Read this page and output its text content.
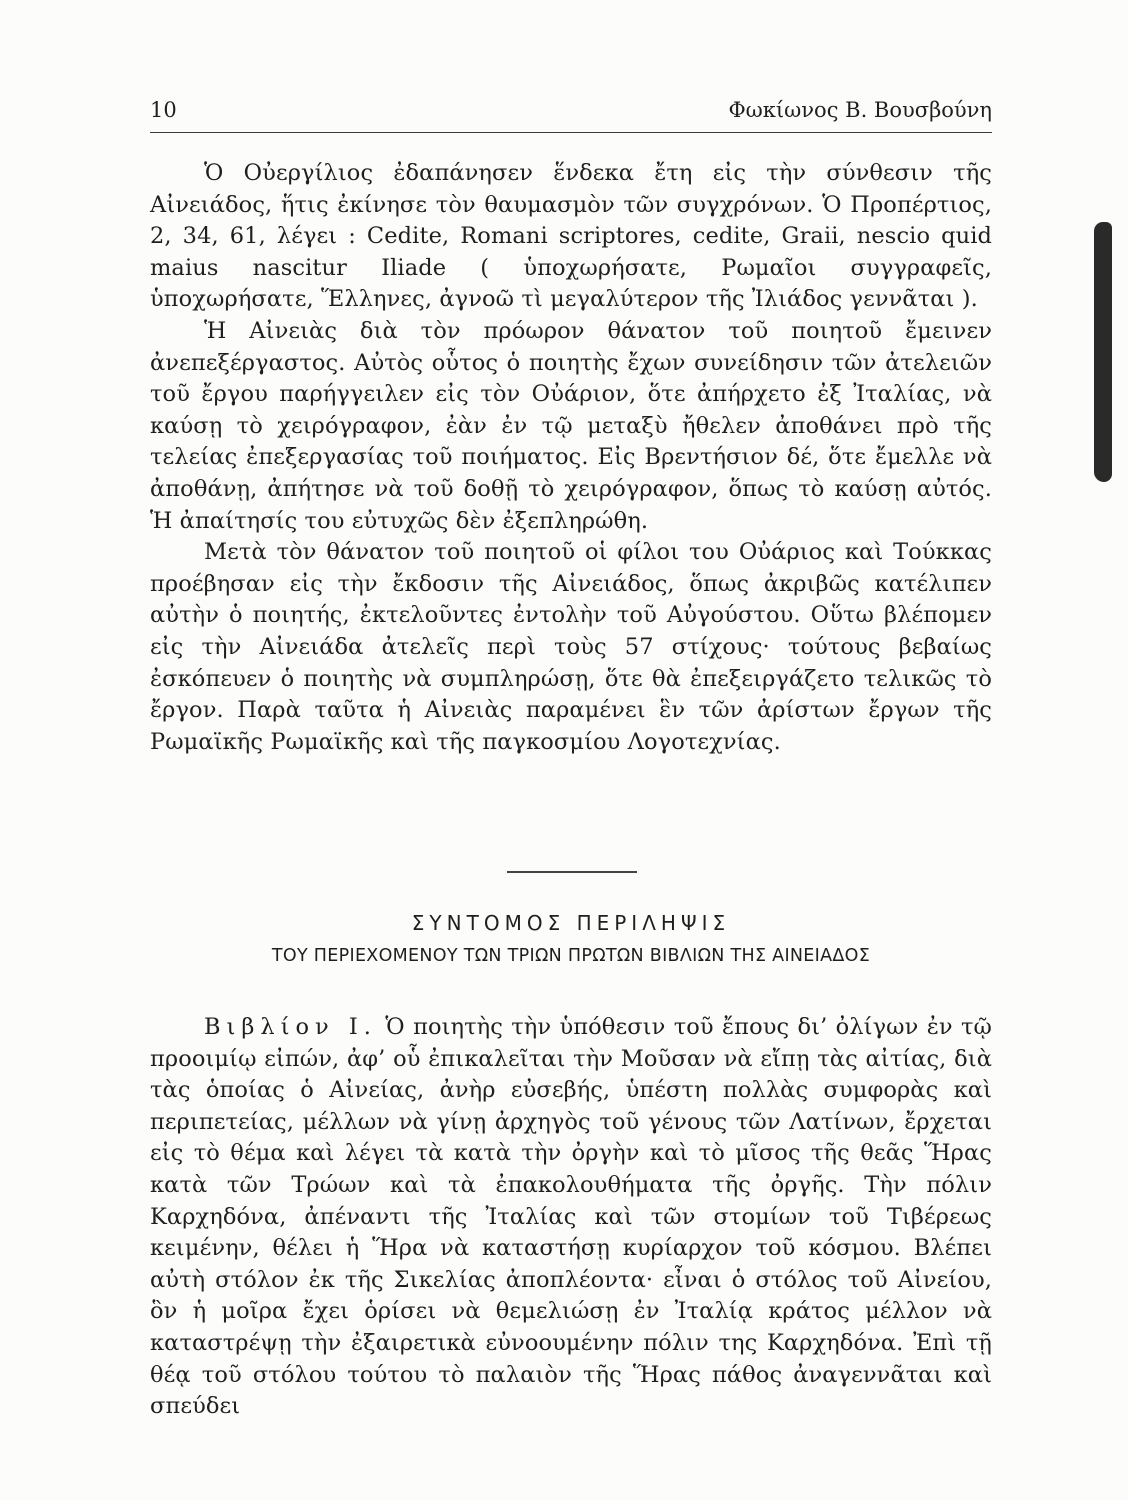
10	Φωκίωνος Β. Βουσβούνη

Ὁ Οὐεργίλιος ἐδαπάνησεν ἕνδεκα ἔτη εἰς τὴν σύνθεσιν τῆς Αἰνειάδος, ἥτις ἐκίνησε τὸν θαυμασμὸν τῶν συγχρόνων. Ὁ Προπέρτιος, 2, 34, 61, λέγει : Cedite, Romani scriptores, cedite, Graii, nescio quid maius nascitur Iliade ( ὑποχωρήσατε, Ρωμαῖοι συγγραφεῖς, ὑποχωρήσατε, Ἕλληνες, ἀγνοῶ τὶ μεγαλύτερον τῆς Ἰλιάδος γεννᾶται ).

Ἡ Αἰνειὰς διὰ τὸν πρόωρον θάνατον τοῦ ποιητοῦ ἔμεινεν ἀνεπεξέργαστος. Αὐτὸς οὗτος ὁ ποιητὴς ἔχων συνείδησιν τῶν ἀτελειῶν τοῦ ἔργου παρήγγειλεν εἰς τὸν Οὐάριον, ὅτε ἀπήρχετο ἐξ Ἰταλίας, νὰ καύσῃ τὸ χειρόγραφον, ἐὰν ἐν τῷ μεταξὺ ἤθελεν ἀποθάνει πρὸ τῆς τελείας ἐπεξεργασίας τοῦ ποιήματος. Εἰς Βρεντήσιον δέ, ὅτε ἔμελλε νὰ ἀποθάνῃ, ἀπήτησε νὰ τοῦ δοθῇ τὸ χειρόγραφον, ὅπως τὸ καύσῃ αὐτός. Ἡ ἀπαίτησίς του εὐτυχῶς δὲν ἐξεπληρώθη.

Μετὰ τὸν θάνατον τοῦ ποιητοῦ οἱ φίλοι του Οὐάριος καὶ Τούκκας προέβησαν εἰς τὴν ἔκδοσιν τῆς Αἰνειάδος, ὅπως ἀκριβῶς κατέλιπεν αὐτὴν ὁ ποιητής, ἐκτελοῦντες ἐντολὴν τοῦ Αὐγούστου. Οὕτω βλέπομεν εἰς τὴν Αἰνειάδα ἀτελεῖς περὶ τοὺς 57 στίχους· τούτους βεβαίως ἐσκόπευεν ὁ ποιητὴς νὰ συμπληρώσῃ, ὅτε θὰ ἐπεξειργάζετο τελικῶς τὸ ἔργον. Παρὰ ταῦτα ἡ Αἰνειὰς παραμένει ἓν τῶν ἀρίστων ἔργων τῆς Ρωμαϊκῆς Ρωμαϊκῆς καὶ τῆς παγκοσμίου Λογοτεχνίας.

ΣΥΝΤΟΜΟΣ ΠΕΡΙΛΗΨΙΣ
ΤΟΥ ΠΕΡΙΕΧΟΜΕΝΟΥ ΤΩΝ ΤΡΙΩΝ ΠΡΩΤΩΝ ΒΙΒΛΙΩΝ ΤΗΣ ΑΙΝΕΙΑΔΟΣ

Βιβλίον Ι. Ὁ ποιητὴς τὴν ὑπόθεσιν τοῦ ἔπους δι’ ὀλίγων ἐν τῷ προοιμίῳ εἰπών, ἀφ’ οὗ ἐπικαλεῖται τὴν Μοῦσαν νὰ εἴπῃ τὰς αἰτίας, διὰ τὰς ὁποίας ὁ Αἰνείας, ἀνὴρ εὐσεβής, ὑπέστη πολλὰς συμφορὰς καὶ περιπετείας, μέλλων νὰ γίνῃ ἀρχηγὸς τοῦ γένους τῶν Λατίνων, ἔρχεται εἰς τὸ θέμα καὶ λέγει τὰ κατὰ τὴν ὀργὴν καὶ τὸ μῖσος τῆς θεᾶς Ἥρας κατὰ τῶν Τρώων καὶ τὰ ἐπακολουθήματα τῆς ὀργῆς. Τὴν πόλιν Καρχηδόνα, ἀπέναντι τῆς Ἰταλίας καὶ τῶν στομίων τοῦ Τιβέρεως κειμένην, θέλει ἡ Ἥρα νὰ καταστήσῃ κυρίαρχον τοῦ κόσμου. Βλέπει αὐτὴ στόλον ἐκ τῆς Σικελίας ἀποπλέοντα· εἶναι ὁ στόλος τοῦ Αἰνείου, ὃν ἡ μοῖρα ἔχει ὁρίσει νὰ θεμελιώσῃ ἐν Ἰταλίᾳ κράτος μέλλον νὰ καταστρέψῃ τὴν ἐξαιρετικὰ εὐνοουμένην πόλιν της Καρχηδόνα. Ἐπὶ τῇ θέᾳ τοῦ στόλου τούτου τὸ παλαιὸν τῆς Ἥρας πάθος ἀναγεννᾶται καὶ σπεύδει
